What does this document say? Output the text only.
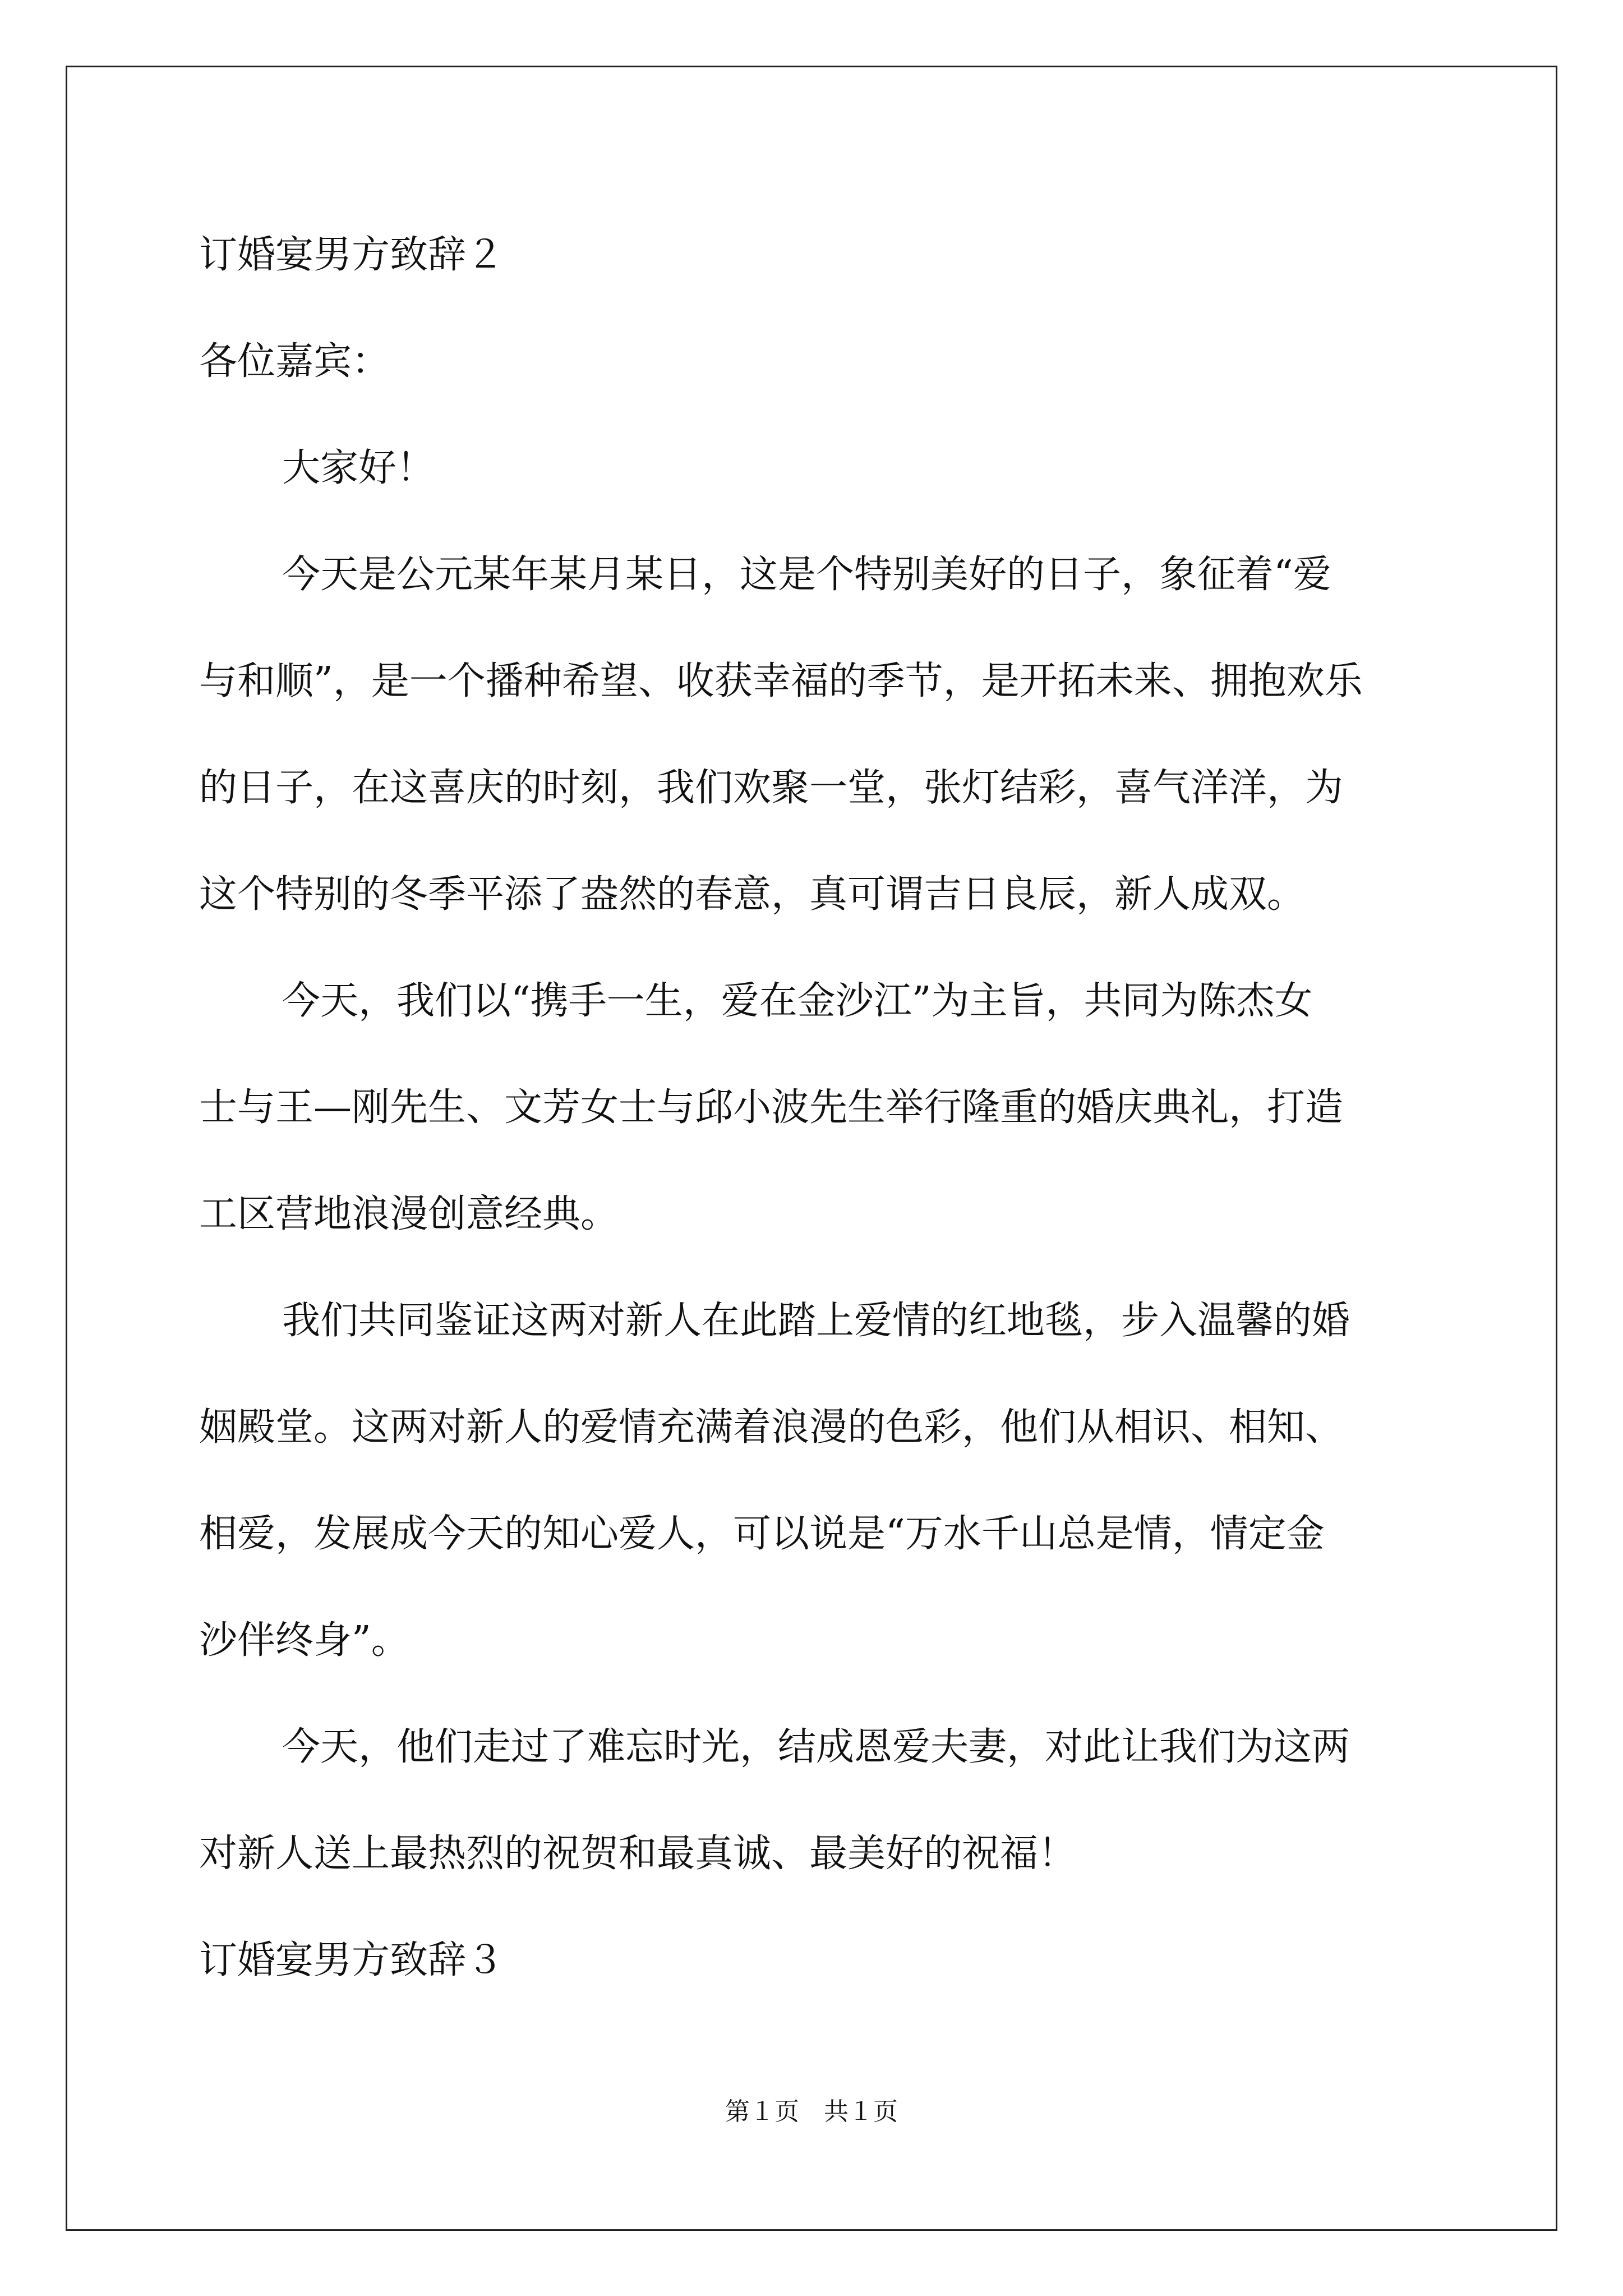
订婚宴男方致辞２
各位嘉宾：
大家好！
今天是公元某年某月某日，这是个特别美好的日子，象征着“爱
与和顺”，是一个播种希望、收获幸福的季节，是开拓未来、拥抱欢乐
的日子，在这喜庆的时刻，我们欢聚一堂，张灯结彩，喜气洋洋，为
这个特别的冬季平添了盎然的春意，真可谓吉日良辰，新人成双。
今天，我们以“携手一生，爱在金沙江”为主旨，共同为陈杰女
士与王—刚先生、文芳女士与邱小波先生举行隆重的婚庆典礼，打造
工区营地浪漫创意经典。
我们共同鉴证这两对新人在此踏上爱情的红地毯，步入温馨的婚
姻殿堂。这两对新人的爱情充满着浪漫的色彩，他们从相识、相知、
相爱，发展成今天的知心爱人，可以说是“万水千山总是情，情定金
沙伴终身”。
今天，他们走过了难忘时光，结成恩爱夫妻，对此让我们为这两
对新人送上最热烈的祝贺和最真诚、最美好的祝福！
订婚宴男方致辞３
第１页　共１页
